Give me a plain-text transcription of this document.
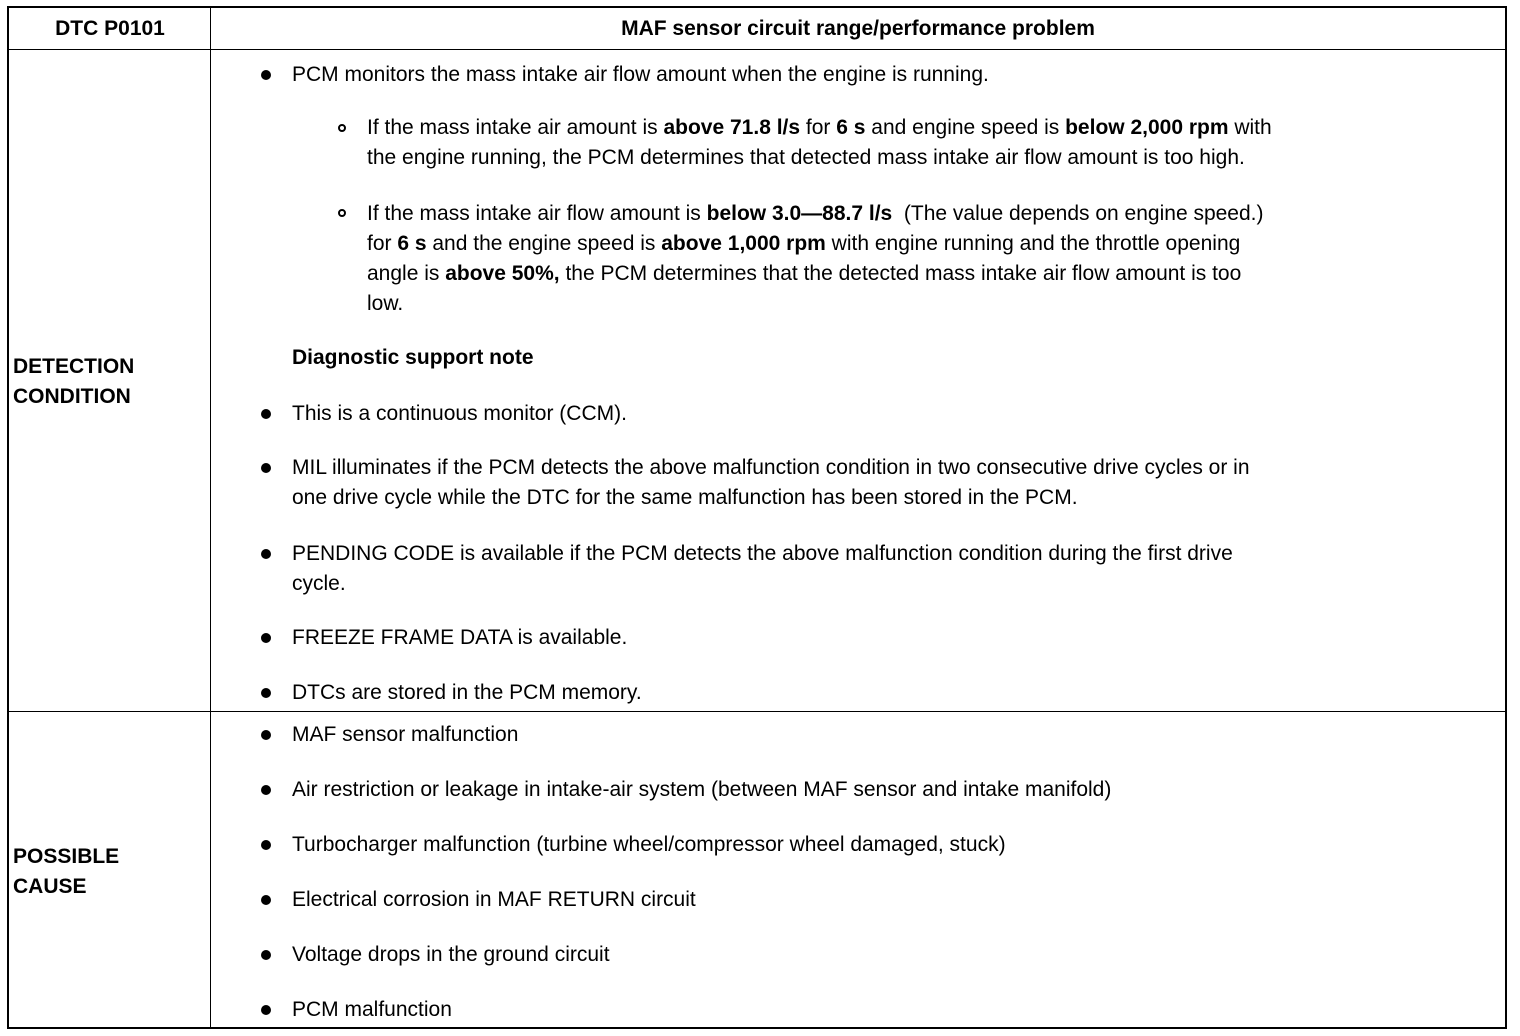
DTC P0101	MAF sensor circuit range/performance problem
DETECTION
CONDITION
POSSIBLE
CAUSE
PCM monitors the mass intake air flow amount when the engine is running.
If the mass intake air amount is above 71.8 l/s for 6 s and engine speed is below 2,000 rpm with
the engine running, the PCM determines that detected mass intake air flow amount is too high.
If the mass intake air flow amount is below 3.0—88.7 l/s  (The value depends on engine speed.)
for 6 s and the engine speed is above 1,000 rpm with engine running and the throttle opening
angle is above 50%, the PCM determines that the detected mass intake air flow amount is too
low.
Diagnostic support note
This is a continuous monitor (CCM).
MIL illuminates if the PCM detects the above malfunction condition in two consecutive drive cycles or in
one drive cycle while the DTC for the same malfunction has been stored in the PCM.
PENDING CODE is available if the PCM detects the above malfunction condition during the first drive
cycle.
FREEZE FRAME DATA is available.
DTCs are stored in the PCM memory.
MAF sensor malfunction
Air restriction or leakage in intake-air system (between MAF sensor and intake manifold)
Turbocharger malfunction (turbine wheel/compressor wheel damaged, stuck)
Electrical corrosion in MAF RETURN circuit
Voltage drops in the ground circuit
PCM malfunction
